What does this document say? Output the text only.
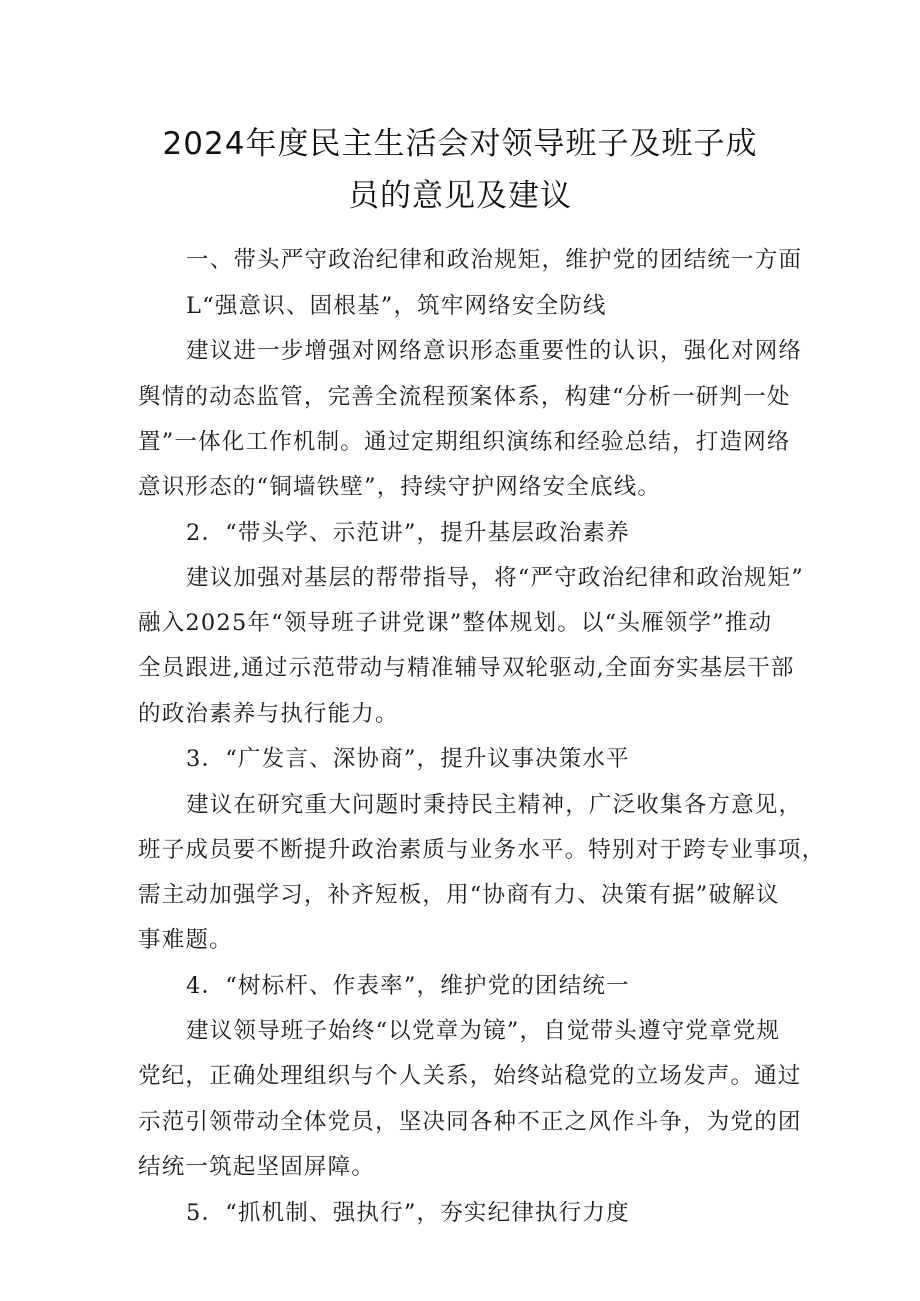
2024年度民主生活会对领导班子及班子成
员的意见及建议
一、带头严守政治纪律和政治规矩，维护党的团结统一方面
L“强意识、固根基”，筑牢网络安全防线
建议进一步增强对网络意识形态重要性的认识，强化对网络
舆情的动态监管，完善全流程预案体系，构建“分析一研判一处
置”一体化工作机制。通过定期组织演练和经验总结，打造网络
意识形态的“铜墙铁壁”，持续守护网络安全底线。
2．“带头学、示范讲”，提升基层政治素养
建议加强对基层的帮带指导，将“严守政治纪律和政治规矩”
融入2025年“领导班子讲党课”整体规划。以“头雁领学”推动
全员跟进,通过示范带动与精准辅导双轮驱动,全面夯实基层干部
的政治素养与执行能力。
3．“广发言、深协商”，提升议事决策水平
建议在研究重大问题时秉持民主精神，广泛收集各方意见，
班子成员要不断提升政治素质与业务水平。特别对于跨专业事项，
需主动加强学习，补齐短板，用“协商有力、决策有据”破解议
事难题。
4．“树标杆、作表率”，维护党的团结统一
建议领导班子始终“以党章为镜”，自觉带头遵守党章党规
党纪，正确处理组织与个人关系，始终站稳党的立场发声。通过
示范引领带动全体党员，坚决同各种不正之风作斗争，为党的团
结统一筑起坚固屏障。
5．“抓机制、强执行”，夯实纪律执行力度
